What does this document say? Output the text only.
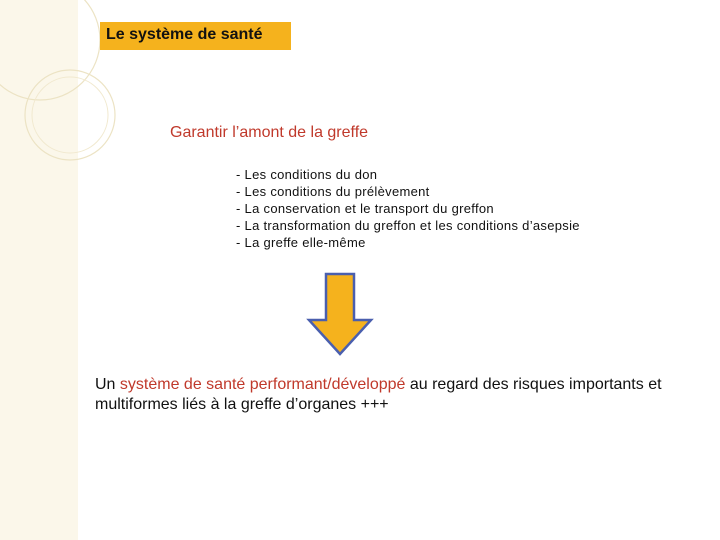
Le système de santé
Garantir l’amont de la greffe
- Les conditions du don
- Les conditions du prélèvement
- La conservation et le transport du greffon
- La transformation du greffon et les conditions d’asepsie
- La greffe elle-même
Un système de santé performant/développé au regard des risques importants et multiformes liés à la greffe d’organes +++
